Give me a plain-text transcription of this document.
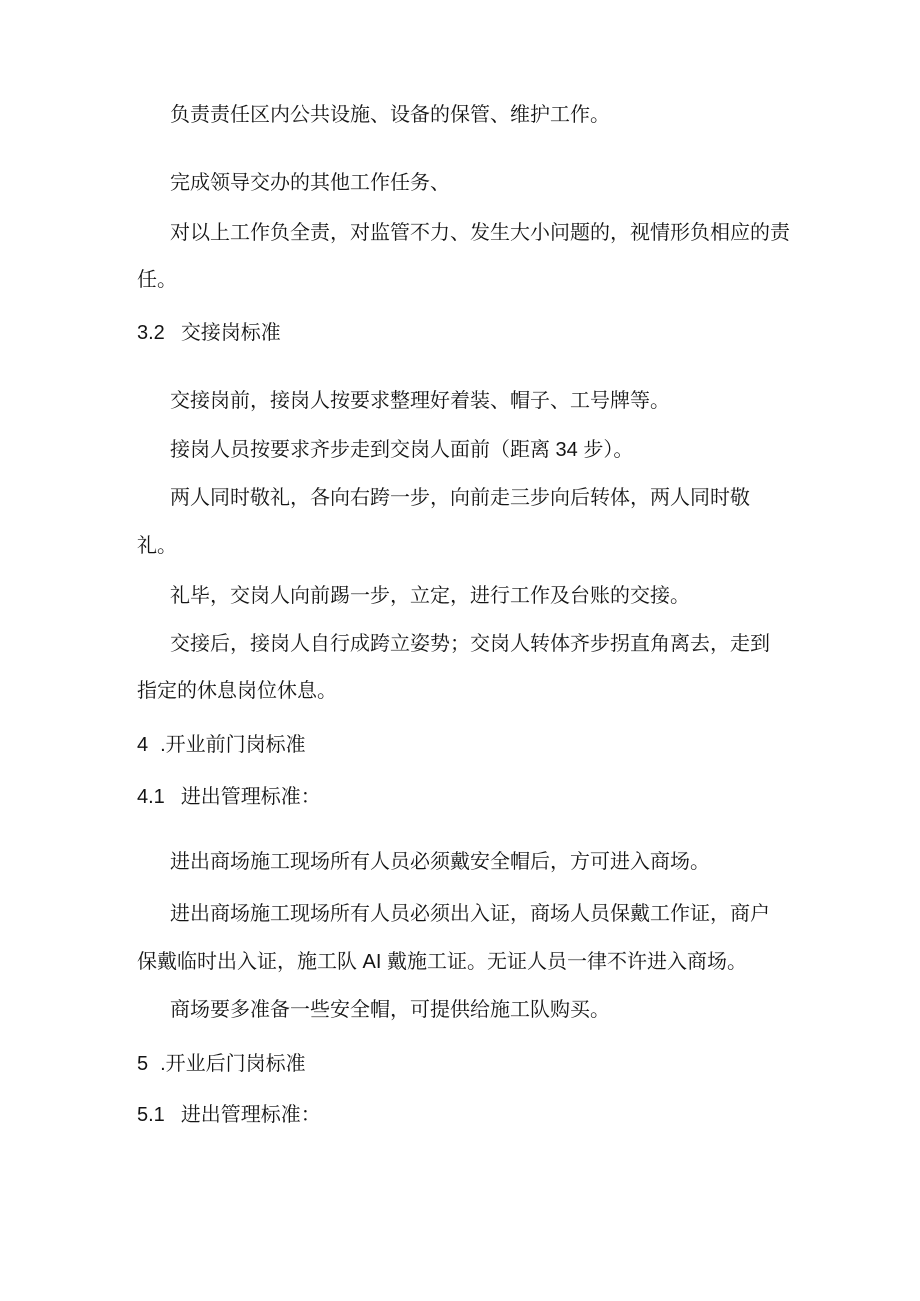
负责责任区内公共设施、设备的保管、维护工作。
完成领导交办的其他工作任务、
对以上工作负全责，对监管不力、发生大小问题的，视情形负相应的责
任。
3.2 交接岗标准
交接岗前，接岗人按要求整理好着装、帽子、工号牌等。
接岗人员按要求齐步走到交岗人面前（距离 34 步）。
两人同时敬礼，各向右跨一步，向前走三步向后转体，两人同时敬
礼。
礼毕，交岗人向前踢一步，立定，进行工作及台账的交接。
交接后，接岗人自行成跨立姿势；交岗人转体齐步拐直角离去，走到
指定的休息岗位休息。
4 .开业前门岗标准
4.1 进出管理标准：
进出商场施工现场所有人员必须戴安全帽后，方可进入商场。
进出商场施工现场所有人员必须出入证，商场人员保戴工作证，商户
保戴临时出入证，施工队 AI 戴施工证。无证人员一律不许进入商场。
商场要多准备一些安全帽，可提供给施工队购买。
5 .开业后门岗标准
5.1 进出管理标准：
